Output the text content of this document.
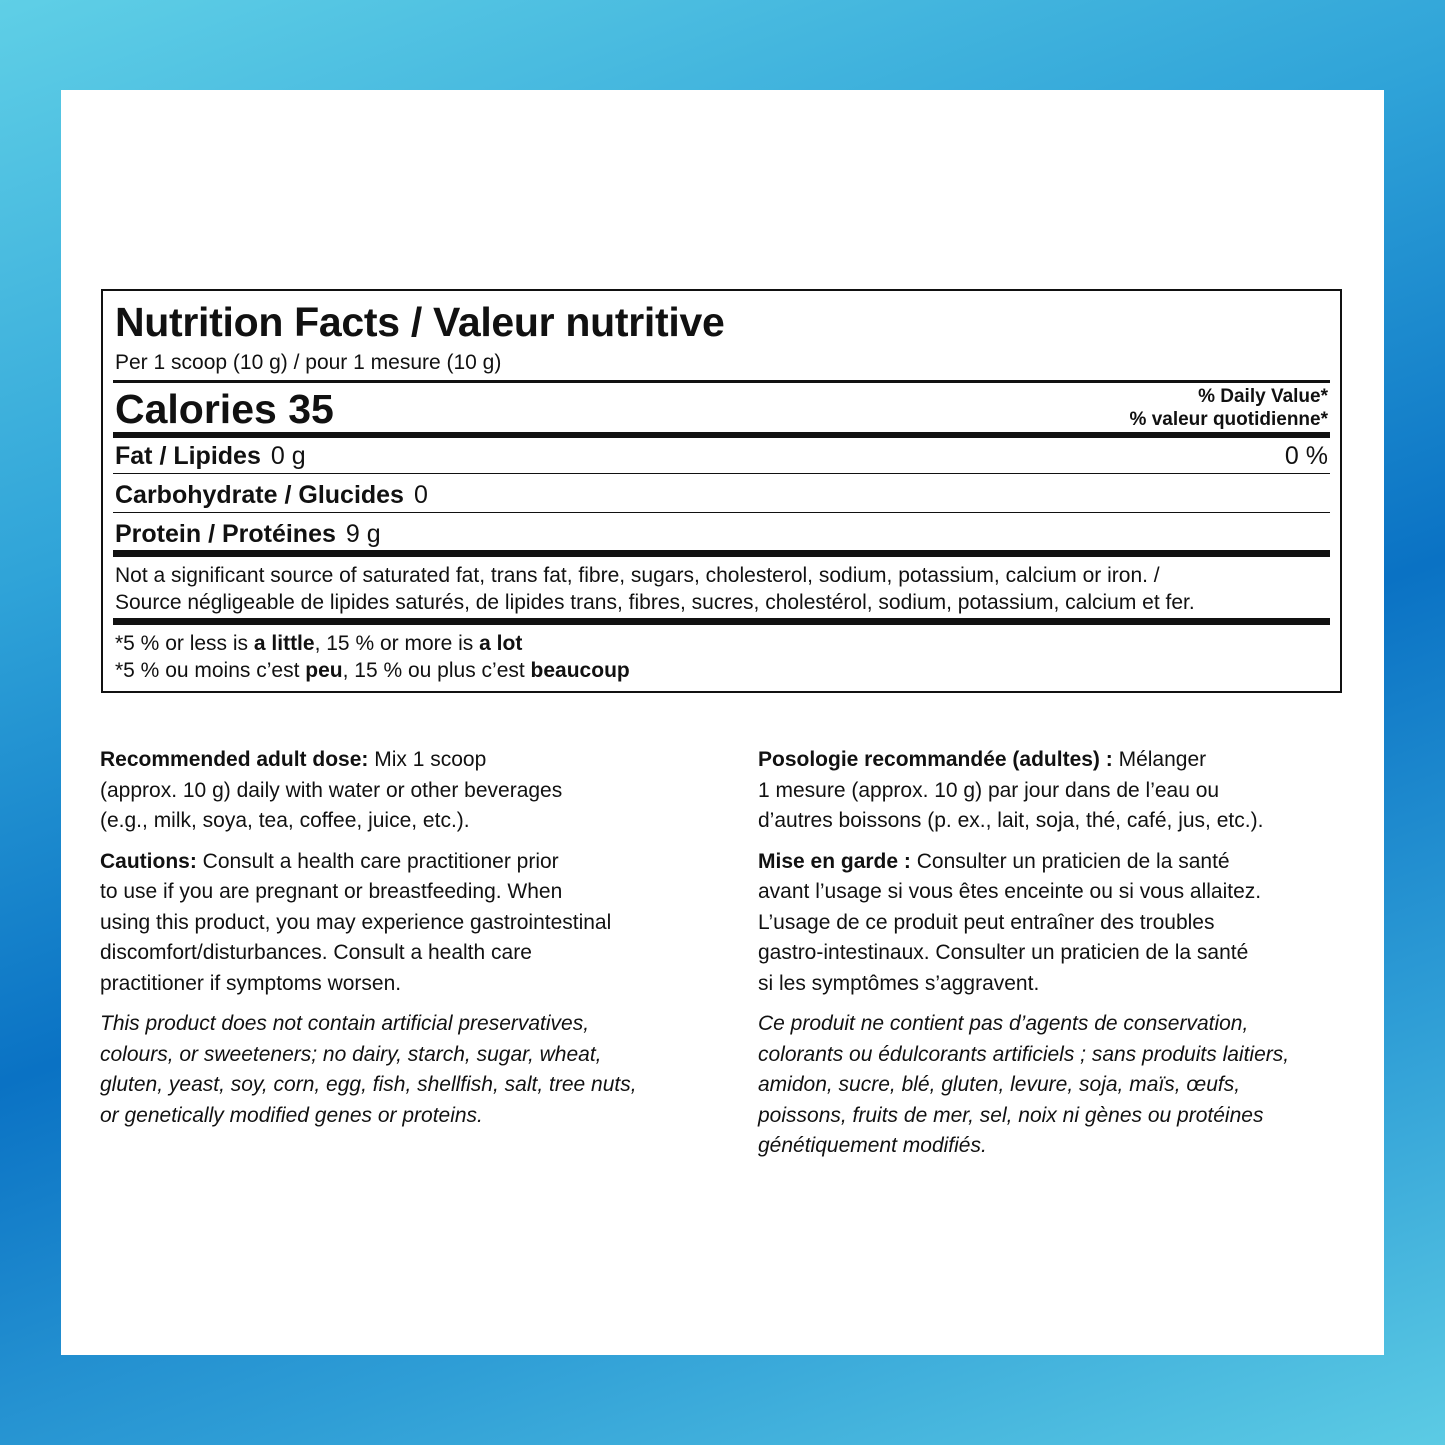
Nutrition Facts / Valeur nutritive
Per 1 scoop (10 g) / pour 1 mesure (10 g)
Calories 35	% Daily Value*
% valeur quotidienne*
Fat / Lipides 0 g	0 %
Carbohydrate / Glucides 0
Protein / Protéines 9 g
Not a significant source of saturated fat, trans fat, fibre, sugars, cholesterol, sodium, potassium, calcium or iron. /
Source négligeable de lipides saturés, de lipides trans, fibres, sucres, cholestérol, sodium, potassium, calcium et fer.
*5 % or less is a little, 15 % or more is a lot
*5 % ou moins c’est peu, 15 % ou plus c’est beaucoup
Recommended adult dose: Mix 1 scoop
(approx. 10 g) daily with water or other beverages
(e.g., milk, soya, tea, coffee, juice, etc.).
Cautions: Consult a health care practitioner prior
to use if you are pregnant or breastfeeding. When
using this product, you may experience gastrointestinal
discomfort/disturbances. Consult a health care
practitioner if symptoms worsen.
This product does not contain artificial preservatives,
colours, or sweeteners; no dairy, starch, sugar, wheat,
gluten, yeast, soy, corn, egg, fish, shellfish, salt, tree nuts,
or genetically modified genes or proteins.
Posologie recommandée (adultes) : Mélanger
1 mesure (approx. 10 g) par jour dans de l’eau ou
d’autres boissons (p. ex., lait, soja, thé, café, jus, etc.).
Mise en garde : Consulter un praticien de la santé
avant l’usage si vous êtes enceinte ou si vous allaitez.
L’usage de ce produit peut entraîner des troubles
gastro-intestinaux. Consulter un praticien de la santé
si les symptômes s’aggravent.
Ce produit ne contient pas d’agents de conservation,
colorants ou édulcorants artificiels ; sans produits laitiers,
amidon, sucre, blé, gluten, levure, soja, maïs, œufs,
poissons, fruits de mer, sel, noix ni gènes ou protéines
génétiquement modifiés.
